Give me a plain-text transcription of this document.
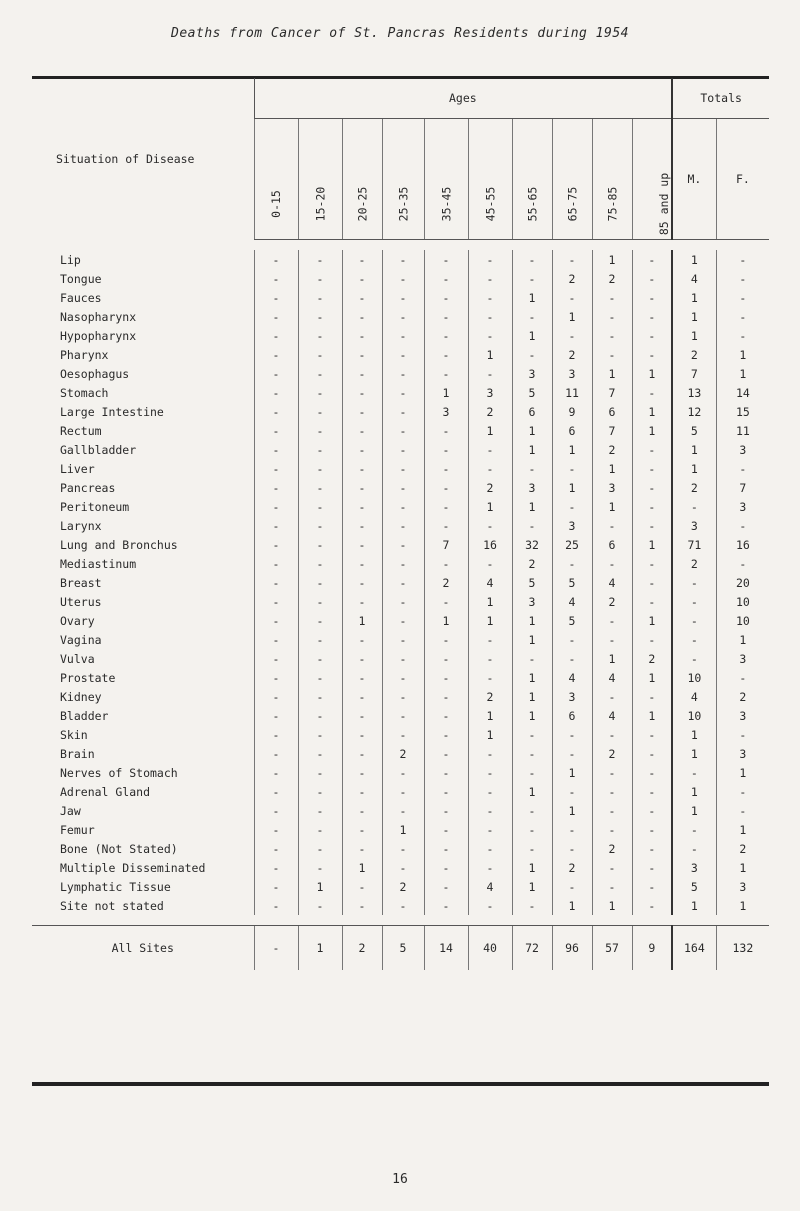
Deaths from Cancer of St. Pancras Residents during 1954
Situation of Disease	Ages										Totals	
	0-15	15-20	20-25	25-35	35-45	45-55	55-65	65-75	75-85	85 and up	M.	F.

Lip	-	-	-	-	-	-	-	-	1	-	1	-
Tongue	-	-	-	-	-	-	-	2	2	-	4	-
Fauces	-	-	-	-	-	-	1	-	-	-	1	-
Nasopharynx	-	-	-	-	-	-	-	1	-	-	1	-
Hypopharynx	-	-	-	-	-	-	1	-	-	-	1	-
Pharynx	-	-	-	-	-	1	-	2	-	-	2	1
Oesophagus	-	-	-	-	-	-	3	3	1	1	7	1
Stomach	-	-	-	-	1	3	5	11	7	-	13	14
Large Intestine	-	-	-	-	3	2	6	9	6	1	12	15
Rectum	-	-	-	-	-	1	1	6	7	1	5	11
Gallbladder	-	-	-	-	-	-	1	1	2	-	1	3
Liver	-	-	-	-	-	-	-	-	1	-	1	-
Pancreas	-	-	-	-	-	2	3	1	3	-	2	7
Peritoneum	-	-	-	-	-	1	1	-	1	-	-	3
Larynx	-	-	-	-	-	-	-	3	-	-	3	-
Lung and Bronchus	-	-	-	-	7	16	32	25	6	1	71	16
Mediastinum	-	-	-	-	-	-	2	-	-	-	2	-
Breast	-	-	-	-	2	4	5	5	4	-	-	20
Uterus	-	-	-	-	-	1	3	4	2	-	-	10
Ovary	-	-	1	-	1	1	1	5	-	1	-	10
Vagina	-	-	-	-	-	-	1	-	-	-	-	1
Vulva	-	-	-	-	-	-	-	-	1	2	-	3
Prostate	-	-	-	-	-	-	1	4	4	1	10	-
Kidney	-	-	-	-	-	2	1	3	-	-	4	2
Bladder	-	-	-	-	-	1	1	6	4	1	10	3
Skin	-	-	-	-	-	1	-	-	-	-	1	-
Brain	-	-	-	2	-	-	-	-	2	-	1	3
Nerves of Stomach	-	-	-	-	-	-	-	1	-	-	-	1
Adrenal Gland	-	-	-	-	-	-	1	-	-	-	1	-
Jaw	-	-	-	-	-	-	-	1	-	-	1	-
Femur	-	-	-	1	-	-	-	-	-	-	-	1
Bone (Not Stated)	-	-	-	-	-	-	-	-	2	-	-	2
Multiple Disseminated	-	-	1	-	-	-	1	2	-	-	3	1
Lymphatic Tissue	-	1	-	2	-	4	1	-	-	-	5	3
Site not stated	-	-	-	-	-	-	-	1	1	-	1	1

All Sites	-	1	2	5	14	40	72	96	57	9	164	132
16
